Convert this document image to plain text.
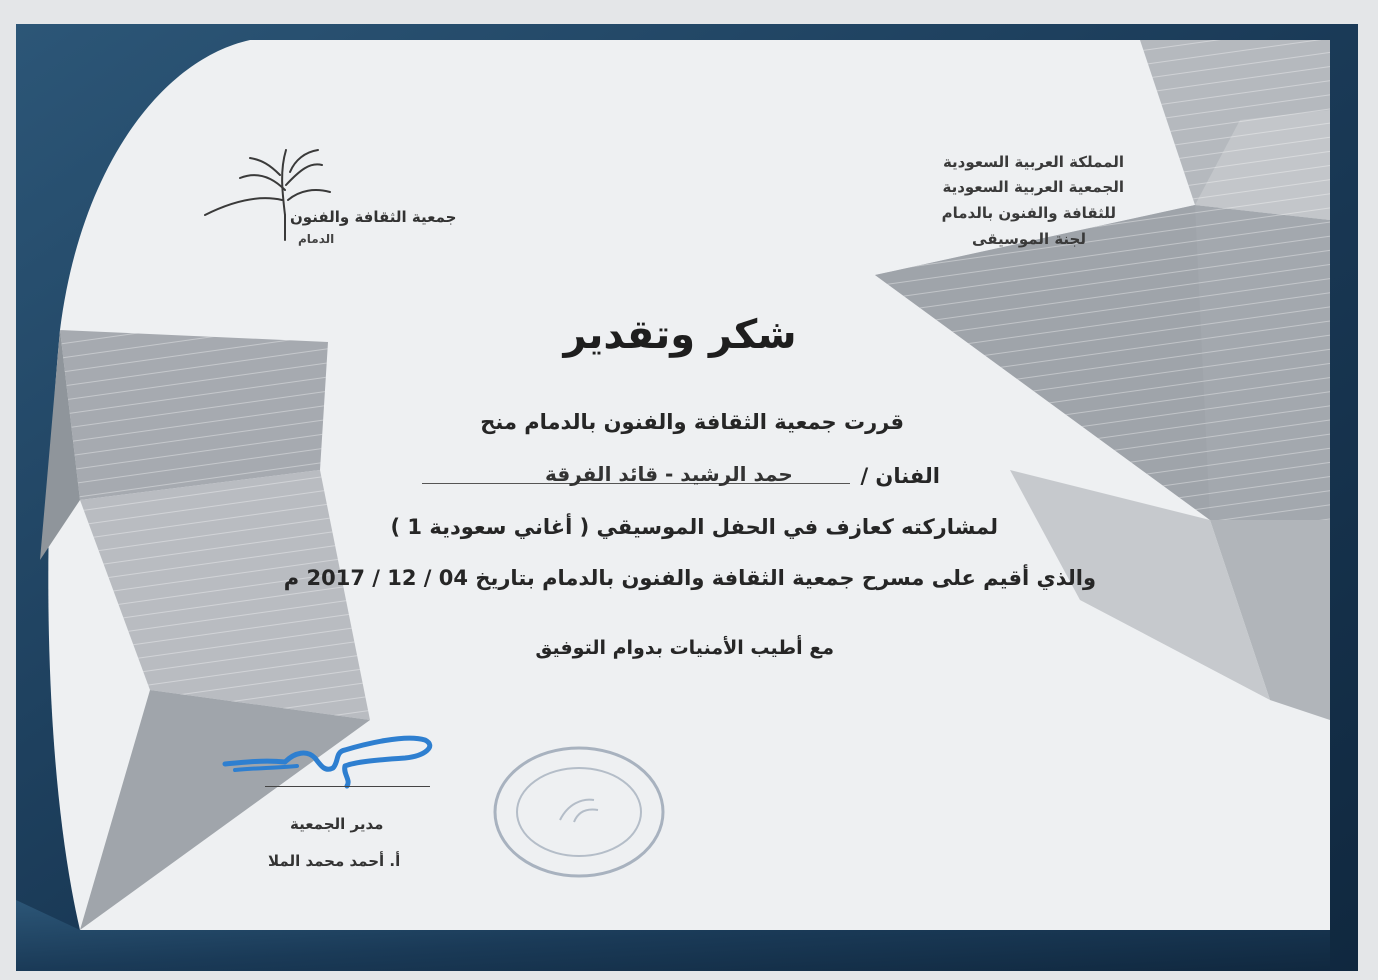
جمعية الثقافة والفنون
الدمام
المملكة العربية السعودية
الجمعية العربية السعودية
للثقافة والفنون بالدمام
لجنة الموسيقى
شكر وتقدير
قررت جمعية الثقافة والفنون بالدمام منح
الفنان /
حمد الرشيد - قائد الفرقة
لمشاركته كعازف في الحفل الموسيقي ( أغاني سعودية 1 )
والذي أقيم على مسرح جمعية الثقافة والفنون بالدمام بتاريخ 04 / 12 / 2017 م
مع أطيب الأمنيات بدوام التوفيق
مدير الجمعية
أ. أحمد محمد الملا
